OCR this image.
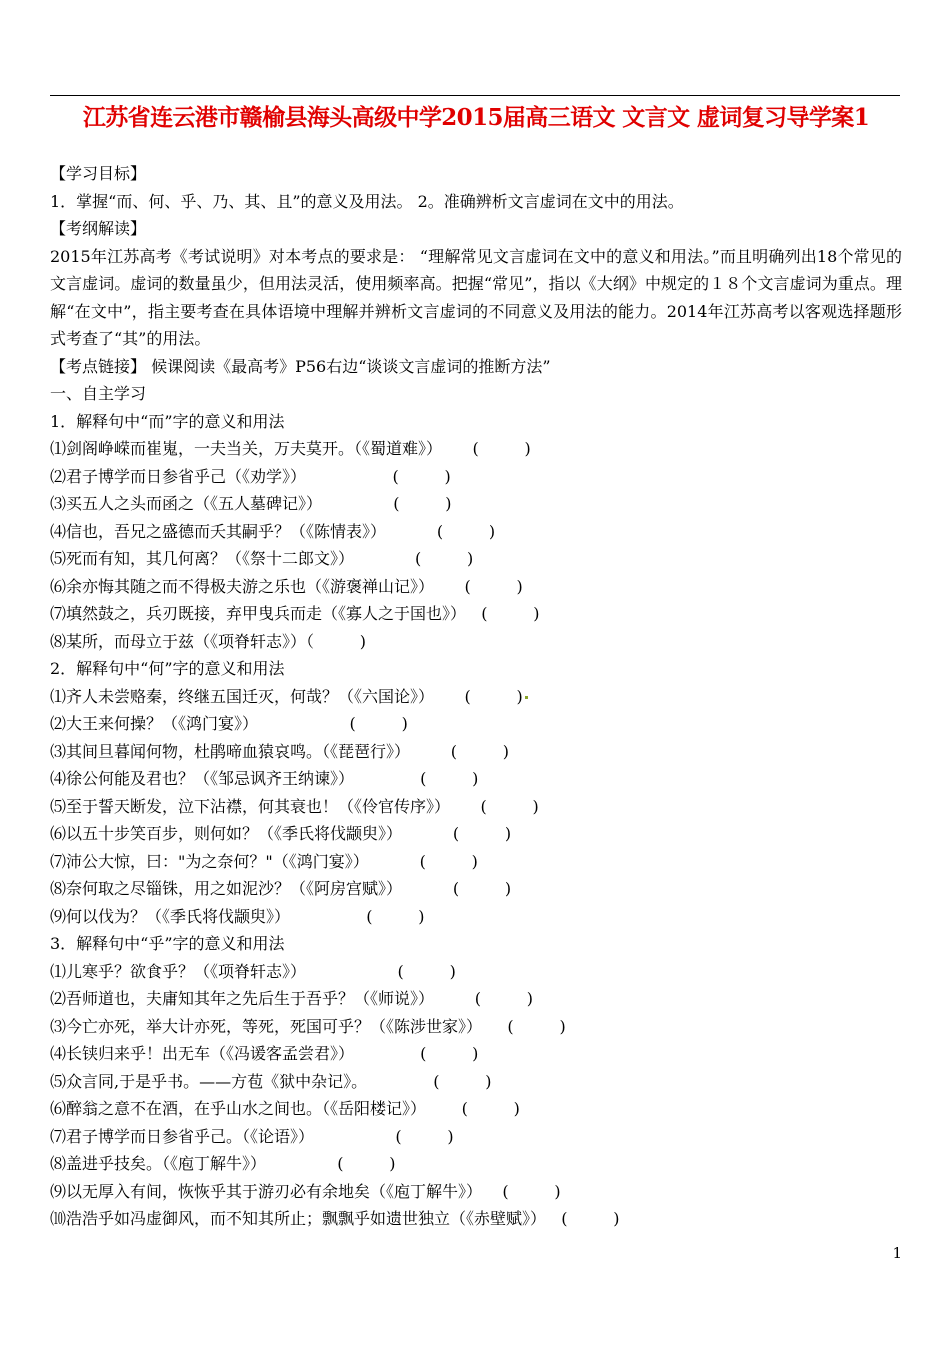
江苏省连云港市赣榆县海头高级中学2015届高三语文 文言文 虚词复习导学案1
【学习目标】
1．掌握“而、何、乎、乃、其、且”的意义及用法。 2。准确辨析文言虚词在文中的用法。
【考纲解读】
2015年江苏高考《考试说明》对本考点的要求是： “理解常见文言虚词在文中的意义和用法。”而且明确列出18个常见的文言虚词。虚词的数量虽少，但用法灵活，使用频率高。把握“常见”，指以《大纲》中规定的１８个文言虚词为重点。理解“在文中”，指主要考查在具体语境中理解并辨析文言虚词的不同意义及用法的能力。2014年江苏高考以客观选择题形式考查了“其”的用法。
【考点链接】 候课阅读《最高考》P56右边“谈谈文言虚词的推断方法”
一、自主学习
1．解释句中“而”字的意义和用法
⑴剑阁峥嵘而崔嵬，一夫当关，万夫莫开。（《蜀道难》）      (         )
⑵君子博学而日参省乎己（《劝学》）                 (         )
⑶买五人之头而函之（《五人墓碑记》）              (         )
⑷信也，吾兄之盛德而夭其嗣乎？（《陈情表》）          (         )
⑸死而有知，其几何离？（《祭十二郎文》）            (         )
⑹余亦悔其随之而不得极夫游之乐也（《游褒禅山记》）      (         )
⑺填然鼓之，兵刃既接，弃甲曳兵而走（《寡人之于国也》）   (         )
⑻某所，而母立于兹（《项脊轩志》）（         )
2．解释句中“何”字的意义和用法
⑴齐人未尝赂秦，终继五国迁灭，何哉？（《六国论》）      (         )
⑵大王来何操？（《鸿门宴》）                  (         )
⑶其间旦暮闻何物，杜鹃啼血猿哀鸣。（《琵琶行》）        (         )
⑷徐公何能及君也？（《邹忌讽齐王纳谏》）             (         )
⑸至于誓天断发，泣下沾襟，何其衰也！（《伶官传序》）      (         )
⑹以五十步笑百步，则何如？（《季氏将伐颛臾》）          (         )
⑺沛公大惊，曰："为之奈何？"（《鸿门宴》）          (         )
⑻奈何取之尽锱铢，用之如泥沙？（《阿房宫赋》）          (         )
⑼何以伐为？（《季氏将伐颛臾》）               (         )
3．解释句中“乎”字的意义和用法
⑴儿寒乎？欲食乎？（《项脊轩志》）                  (         )
⑵吾师道也，夫庸知其年之先后生于吾乎？（《师说》）        (         )
⑶今亡亦死，举大计亦死，等死，死国可乎？（《陈涉世家》）     (         )
⑷长铗归来乎！出无车（《冯谖客孟尝君》）             (         )
⑸众言同,于是乎书。——方苞《狱中杂记》。             (         )
⑹醉翁之意不在酒，在乎山水之间也。（《岳阳楼记》）       (         )
⑺君子博学而日参省乎己。（《论语》）                (         )
⑻盖进乎技矣。（《庖丁解牛》）              (         )
⑼以无厚入有间，恢恢乎其于游刃必有余地矣（《庖丁解牛》）    (         )
⑽浩浩乎如冯虚御风，而不知其所止；飘飘乎如遗世独立（《赤壁赋》）   (         )
1
